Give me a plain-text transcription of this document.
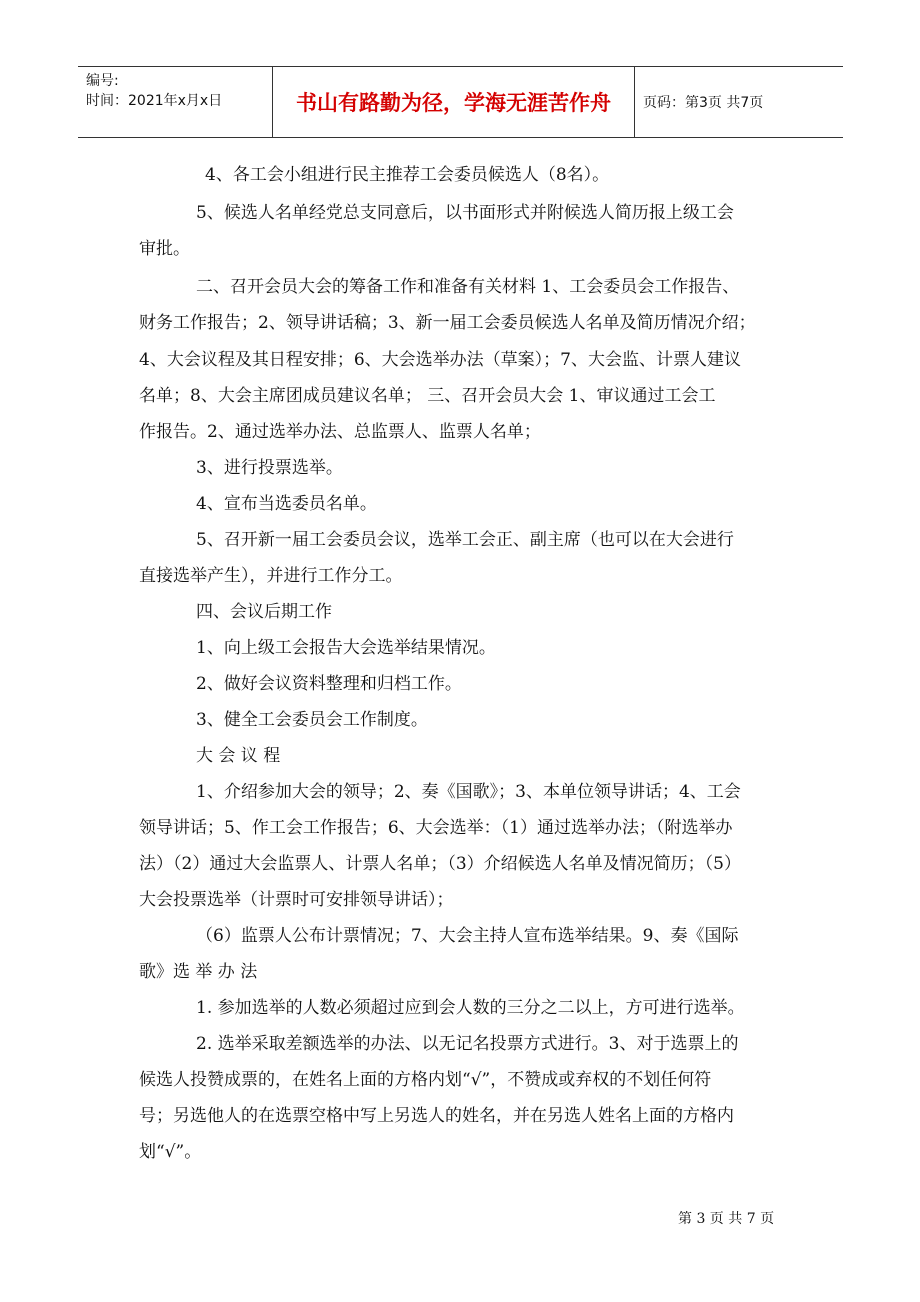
编号:
时间：2021年x月x日	书山有路勤为径，学海无涯苦作舟	页码：第3页 共7页
4、各工会小组进行民主推荐工会委员候选人（8名）。
5、候选人名单经党总支同意后，以书面形式并附候选人简历报上级工会
审批。
二、召开会员大会的筹备工作和准备有关材料 1、工会委员会工作报告、
财务工作报告；2、领导讲话稿；3、新一届工会委员候选人名单及简历情况介绍；
4、大会议程及其日程安排；6、大会选举办法（草案）；7、大会监、计票人建议
名单；8、大会主席团成员建议名单； 三、召开会员大会 1、审议通过工会工
作报告。2、通过选举办法、总监票人、监票人名单；
3、进行投票选举。
4、宣布当选委员名单。
5、召开新一届工会委员会议，选举工会正、副主席（也可以在大会进行
直接选举产生），并进行工作分工。
四、会议后期工作
1、向上级工会报告大会选举结果情况。
2、做好会议资料整理和归档工作。
3、健全工会委员会工作制度。
大 会 议 程
1、介绍参加大会的领导；2、奏《国歌》；3、本单位领导讲话；4、工会
领导讲话；5、作工会工作报告；6、大会选举：（1）通过选举办法；（附选举办
法）（2）通过大会监票人、计票人名单；（3）介绍候选人名单及情况简历；（5）
大会投票选举（计票时可安排领导讲话）；
（6）监票人公布计票情况；7、大会主持人宣布选举结果。9、奏《国际
歌》选 举 办 法
1. 参加选举的人数必须超过应到会人数的三分之二以上，方可进行选举。
2. 选举采取差额选举的办法、以无记名投票方式进行。3、对于选票上的
候选人投赞成票的，在姓名上面的方格内划“√”，不赞成或弃权的不划任何符
号；另选他人的在选票空格中写上另选人的姓名，并在另选人姓名上面的方格内
划“√”。
第 3 页 共 7 页
